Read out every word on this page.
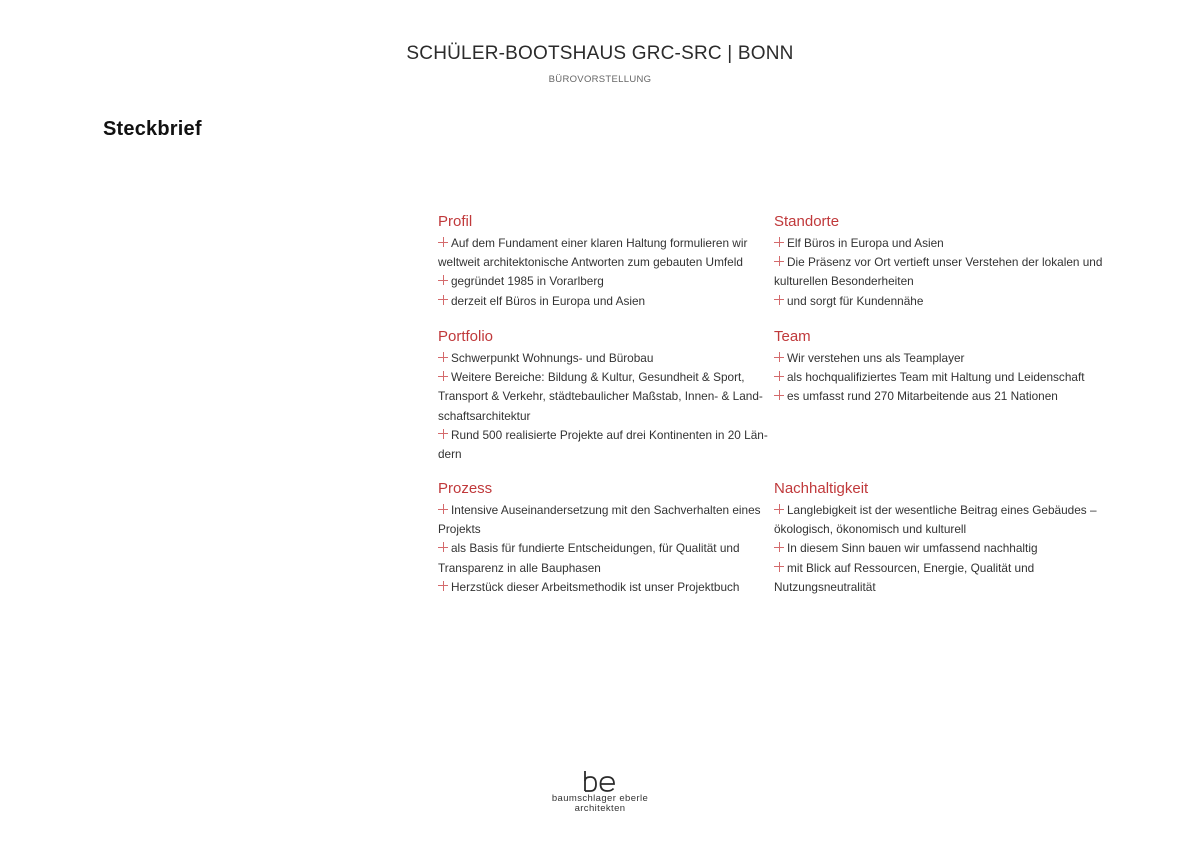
SCHÜLER-BOOTSHAUS GRC-SRC | BONN
BÜROVORSTELLUNG
Steckbrief
Profil
Auf dem Fundament einer klaren Haltung formulieren wir weltweit architektonische Antworten zum gebauten Umfeld
gegründet 1985 in Vorarlberg
derzeit elf Büros in Europa und Asien
Standorte
Elf Büros in Europa und Asien
Die Präsenz vor Ort vertieft unser Verstehen der lokalen und kulturellen Besonderheiten
und sorgt für Kundennähe
Portfolio
Schwerpunkt Wohnungs- und Bürobau
Weitere Bereiche: Bildung & Kultur, Gesundheit & Sport, Transport & Verkehr, städtebaulicher Maßstab, Innen- & Landschaftsarchitektur
Rund 500 realisierte Projekte auf drei Kontinenten in 20 Ländern
Team
Wir verstehen uns als Teamplayer
als hochqualifiziertes Team mit Haltung und Leidenschaft
es umfasst rund 270 Mitarbeitende aus 21 Nationen
Prozess
Intensive Auseinandersetzung mit den Sachverhalten eines Projekts
als Basis für fundierte Entscheidungen, für Qualität und Transparenz in alle Bauphasen
Herzstück dieser Arbeitsmethodik ist unser Projektbuch
Nachhaltigkeit
Langlebigkeit ist der wesentliche Beitrag eines Gebäudes – ökologisch, ökonomisch und kulturell
In diesem Sinn bauen wir umfassend nachhaltig
mit Blick auf Ressourcen, Energie, Qualität und Nutzungsneutralität
baumschlager eberle
architekten
